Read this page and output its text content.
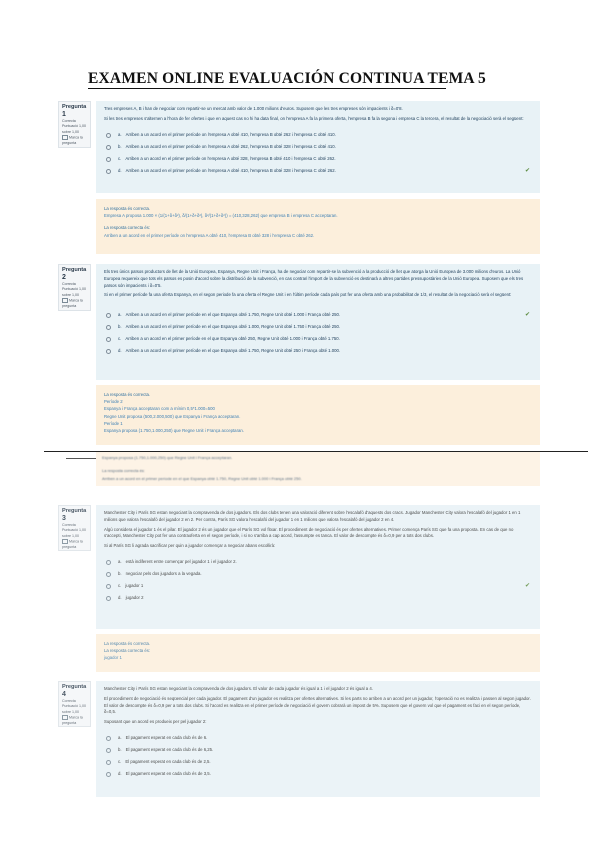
EXAMEN ONLINE EVALUACIÓN CONTINUA TEMA 5
Pregunta 1
Correcta
Puntuació 1,00 sobre 1,00
Marca la pregunta

Tres empreses A, B i han de negociar com repartir-se un mercat amb valor de 1.000 milions d'euros. Suposem que les tres empreses són impacients i δ=0'8.

Si les tres empreses s'alternen a l'hora de fer ofertes i que en aquest cas no hi ha data final, on l'empresa A fa la primera oferta, l'empresa B fa la segona i empresa C la tercera, el resultat de la negociació serà el següent:

a. Arriben a un acord en el primer període on l'empresa A obté 410, l'empresa B obté 262 i l'empresa C obté 410.
b. Arriben a un acord en el primer període on l'empresa A obté 262, l'empresa B obté 328 i l'empresa C obté 410.
c. Arriben a un acord en el primer període on l'empresa A obté 328, l'empresa B obté 410 i l'empresa C obté 262.
d. Arriben a un acord en el primer període on l'empresa A obté 410, l'empresa B obté 328 i l'empresa C obté 262.	✔
La resposta és correcta.
Empresa A proposa 1.000 × (1/(1+δ+δ²), δ/(1+δ+δ²), δ²/(1+δ+δ²)) = (410,328,262) que empresa B i empresa C acceptaran.
La resposta correcta és:
Arriben a un acord en el primer període on l'empresa A obté 410, l'empresa B obté 328 i l'empresa C obté 262.
Pregunta 2
Correcta
Puntuació 1,00 sobre 1,00
Marca la pregunta

Els tres únics països productors de llet de la Unió Europea, Espanya, Regne Unit i França, ha de negociar com repartir-se la subvenció a la producció de llet que atorga la Unió Europea de 3.000 milions d'euros. La Unió Europea requereix que tots els països es posin d'acord sobre la distribució de la subvenció, en cas contrari l'import de la subvenció es destinarà a altres partides pressupostàries de la Unió Europea. Suposem que els tres països són impacients i δ=0'5.

Si en el primer període fa una oferta Espanya, en el segon periode fa una oferta el Regne Unit i en l'últim període cada país pot fer una oferta amb una probabilitat de 1/3, el resultat de la negociació serà el següent:

a. Arriben a un acord en el primer període en el que Espanya obté 1.750, Regne Unit obté 1.000 i França obté 250.	✔
b. Arriben a un acord en el primer període en el que Espanya obté 1.000, Regne Unit obté 1.750 i França obté 250.
c. Arriben a un acord en el primer període en el que Espanya obté 250, Regne Unit obté 1.000 i França obté 1.750.
d. Arriben a un acord en el primer període en el que Espanya obté 1.750, Regne Unit obté 250 i França obté 1.000.
La resposta és correcta.
Període 2
Espanya i França acceptaran com a mínim 0,5*1.000=500
Regne Unit proposa (500,2.000,500) que Espanya i França acceptaran.
Període 1
Espanya proposa (1.750,1.000,250) que Regne Unit i França acceptaran.

Espanya proposa (1.750,1.000,250) que Regne Unit i França acceptaran.

La resposta correcta és:

Arriben a un acord en el primer període en el que Espanya obté 1.750, Regne Unit obté 1.000 i França obté 250.

Pregunta 3
Correcta
Puntuació 1,00 sobre 1,00
Marca la pregunta

Manchester City i París SG estan negociant la compravenda de dos jugadors. Els dos clubs tenen una valoració diferent sobre l'escalafó d'aquests dos cracs. Jugador Manchester City valora l'escalafó del jugador 1 en 1 milions que valora l'escalafó del jugador 2 en 2. Per contra, París SG valora l'escalafó del jugador 1 en 1 milions que valora l'escalafó del jugador 2 en 4.

Algú considera el jugador 1 és el pilar. El jugador 2 és un jugador que el París SG vol fitxar. El procediment de negociació és per ofertes alternatives. Primer comença París SG que fa una proposta. En cas de que no s'accepti, Manchester City pot fer una contraoferta en el segon període, i si no s'arriba a cap acord, l'assumpte es tanca. El valor de descompte és δ=0,9 per a tots dos clubs.

Si al París SG li agrada sacrificar per quin a jugador començar a negociar abans escollirà:

a. està indiferent entre començar pel jugador 1 i el jugador 2.
b. negociar pels dos jugadors a la vegada.
c. jugador 1	✔
d. jugador 2
La resposta és correcta.
La resposta correcta és:
jugador 1
Pregunta 4
Correcta
Puntuació 1,00 sobre 1,00
Marca la pregunta

Manchester City i París SG estan negociant la compravenda de dos jugadors. El valor de cada jugador és igual a 1 i el jugador 2 és igual a 4.

El procediment de negociació és seqüencial per cada jugador. El pagament d'un jugador es realitza per ofertes alternatives. Si les parts no arriben a un acord per un jugador, l'operació no es realitza i passen al segon jugador. El valor de descompte és δ=0,9 per a tots dos clubs. Si l'acord es realitza en el primer període de negociació el govern cobrarà un impost de 5%. Suposem que el govern vol que el pagament es faci en el segon període, δ=0,5.

Suposant que un acord es produeix per pel jugador 2:

a. El pagament esperat en cada club és de 6.
b. El pagament esperat en cada club és de 6,25.
c. El pagament esperat en cada club és de 2,5.
d. El pagament esperat en cada club és de 3,5.
